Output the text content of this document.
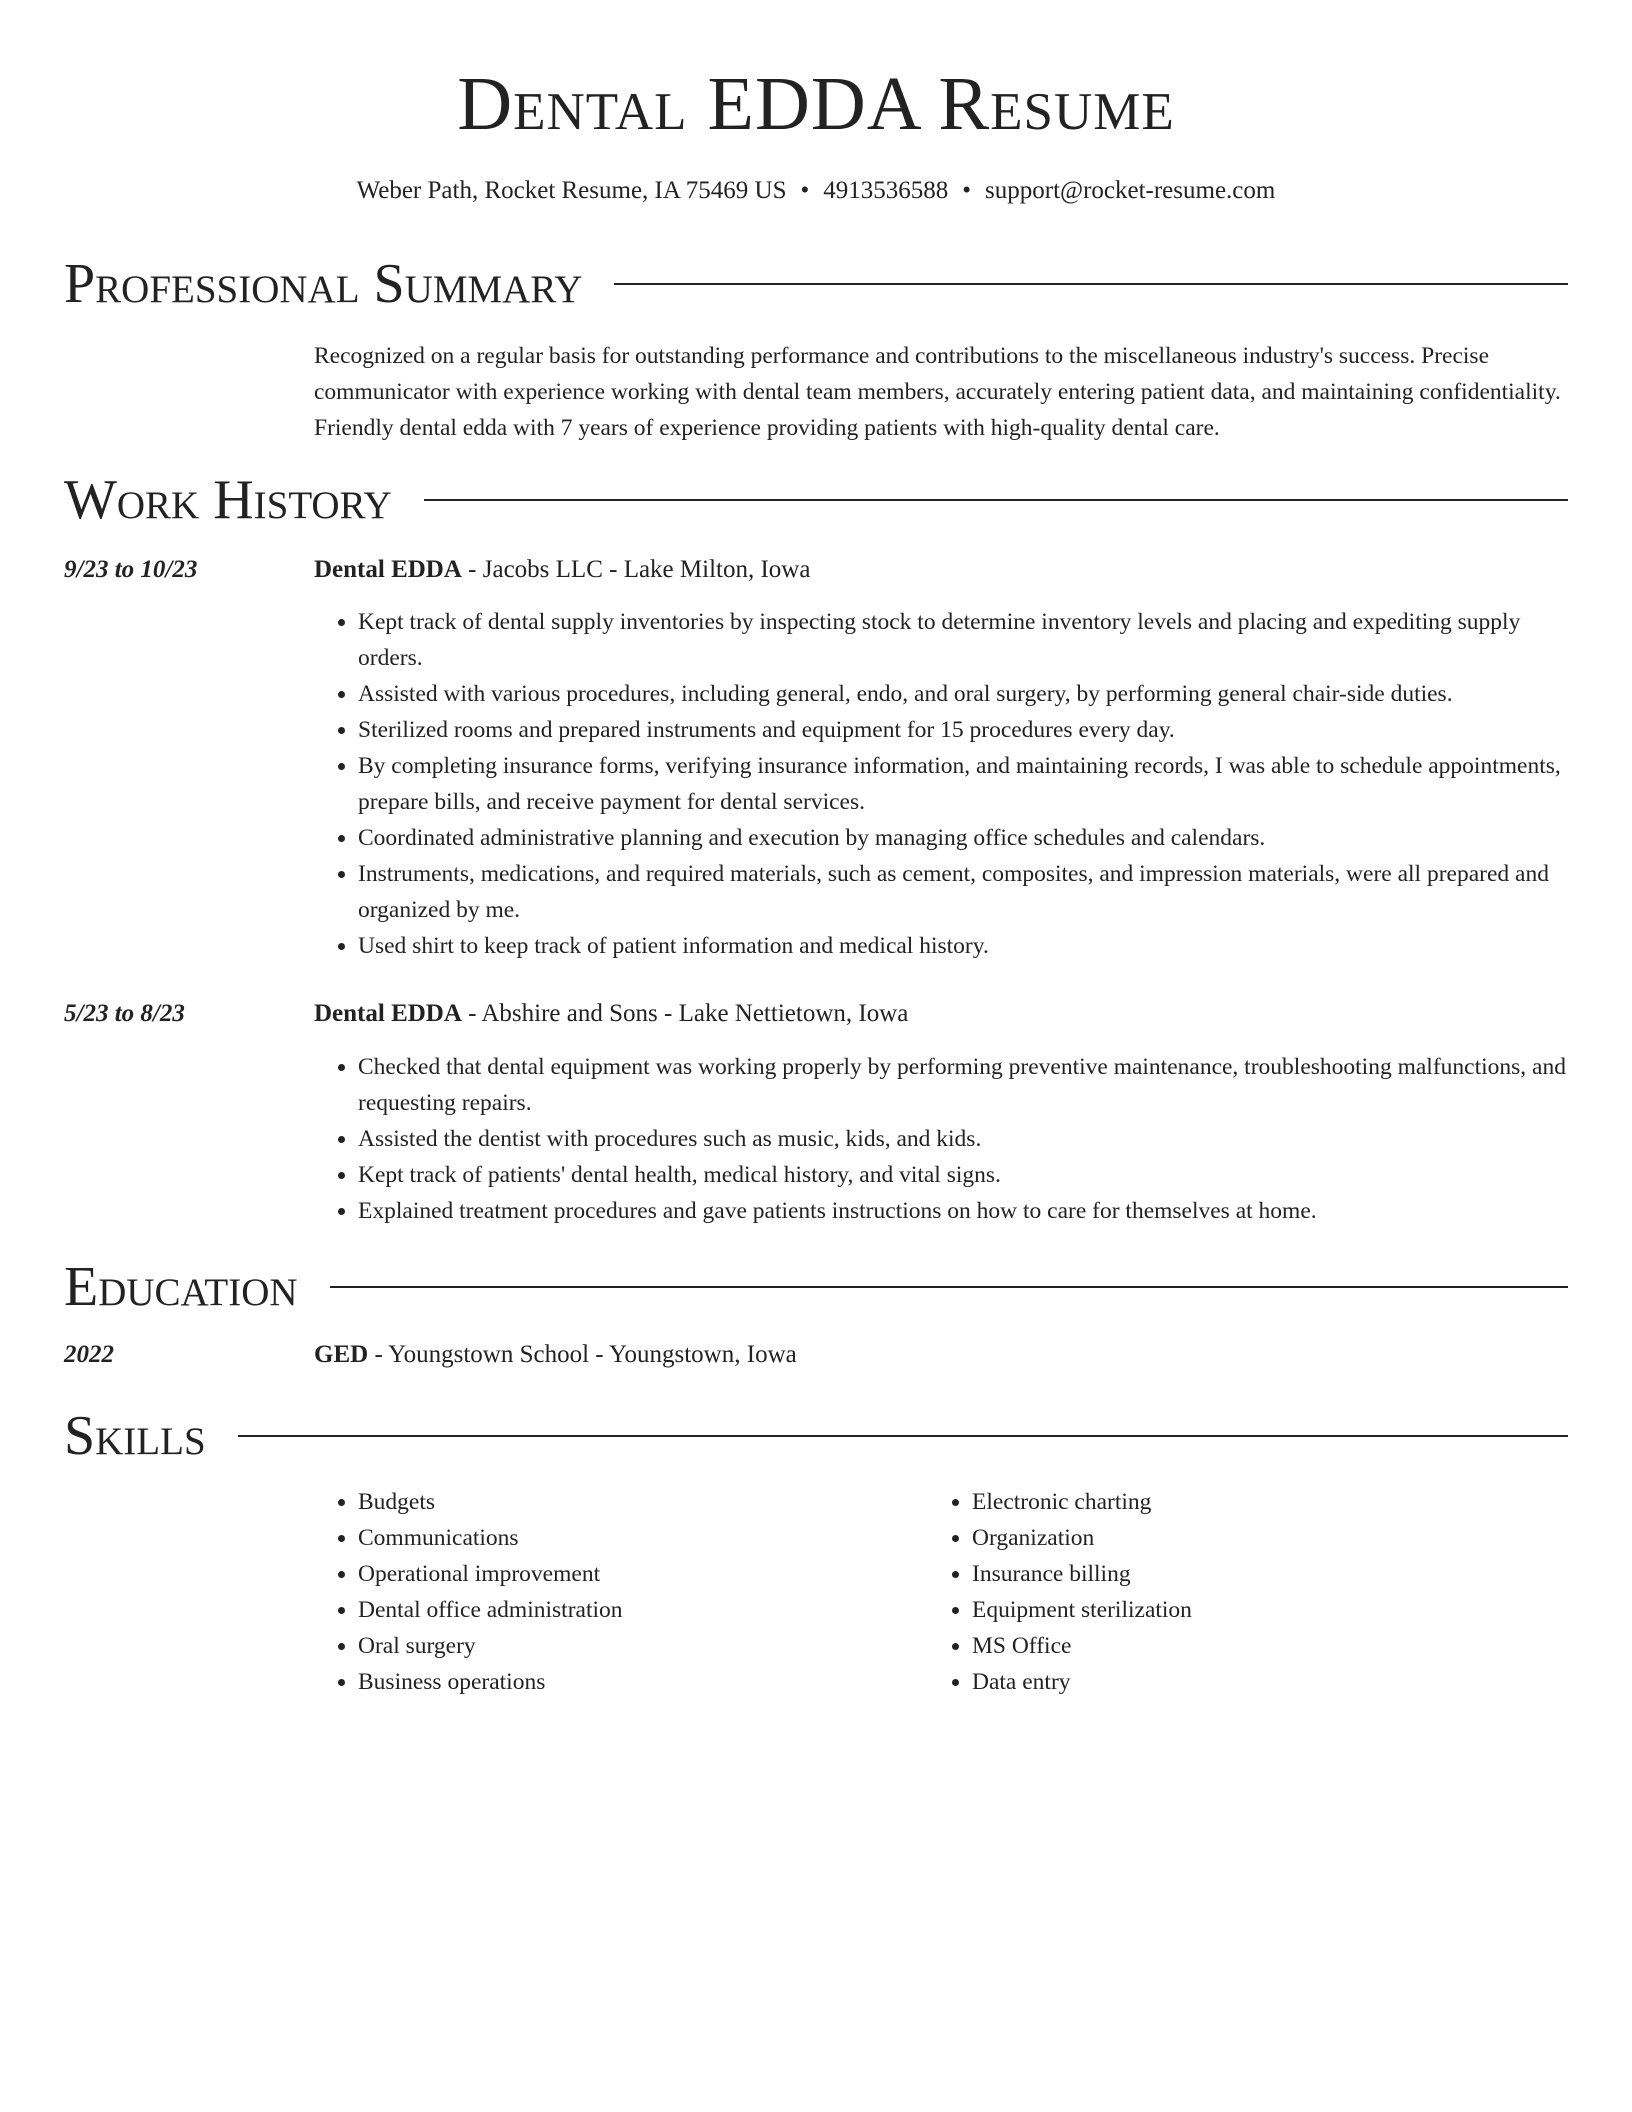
Dental EDDA Resume
Weber Path, Rocket Resume, IA 75469 US • 4913536588 • support@rocket-resume.com
Professional Summary

Recognized on a regular basis for outstanding performance and contributions to the miscellaneous industry's success. Precise communicator with experience working with dental team members, accurately entering patient data, and maintaining confidentiality. Friendly dental edda with 7 years of experience providing patients with high-quality dental care.

Work History
9/23 to 10/23	Dental EDDA - Jacobs LLC - Lake Milton, Iowa
• Kept track of dental supply inventories by inspecting stock to determine inventory levels and placing and expediting supply orders.
• Assisted with various procedures, including general, endo, and oral surgery, by performing general chair-side duties.
• Sterilized rooms and prepared instruments and equipment for 15 procedures every day.
• By completing insurance forms, verifying insurance information, and maintaining records, I was able to schedule appointments, prepare bills, and receive payment for dental services.
• Coordinated administrative planning and execution by managing office schedules and calendars.
• Instruments, medications, and required materials, such as cement, composites, and impression materials, were all prepared and organized by me.
• Used shirt to keep track of patient information and medical history.
5/23 to 8/23	Dental EDDA - Abshire and Sons - Lake Nettietown, Iowa
• Checked that dental equipment was working properly by performing preventive maintenance, troubleshooting malfunctions, and requesting repairs.
• Assisted the dentist with procedures such as music, kids, and kids.
• Kept track of patients' dental health, medical history, and vital signs.
• Explained treatment procedures and gave patients instructions on how to care for themselves at home.
Education
2022	GED - Youngstown School - Youngstown, Iowa
Skills
• Budgets
• Communications
• Operational improvement
• Dental office administration
• Oral surgery
• Business operations
• Electronic charting
• Organization
• Insurance billing
• Equipment sterilization
• MS Office
• Data entry
